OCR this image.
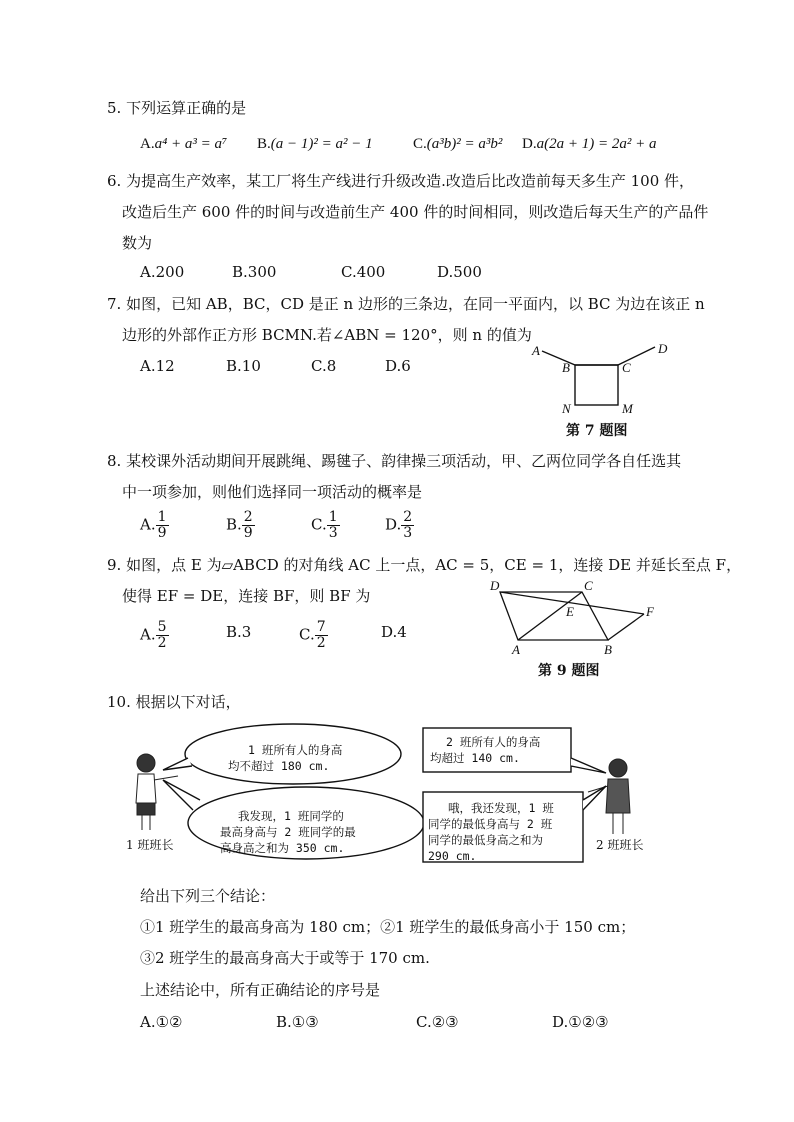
5. 下列运算正确的是
A.a⁴ + a³ = a⁷ B.(a − 1)² = a² − 1	C.(a³b)² = a³b² D.a(2a + 1) = 2a² + a
6. 为提高生产效率，某工厂将生产线进行升级改造.改造后比改造前每天多生产 100 件，
改造后生产 600 件的时间与改造前生产 400 件的时间相同，则改造后每天生产的产品件
数为
A.200	B.300	C.400	D.500
7. 如图，已知 AB，BC，CD 是正 n 边形的三条边，在同一平面内，以 BC 为边在该正 n
边形的外部作正方形 BCMN.若∠ABN = 120°，则 n 的值为
A.12	B.10	C.8	D.6
A
B	C
D
N	M
第 7 题图
8. 某校课外活动期间开展跳绳、踢毽子、韵律操三项活动，甲、乙两位同学各自任选其
中一项参加，则他们选择同一项活动的概率是
A. $\frac{1}{9}$	B. $\frac{2}{9}$	C. $\frac{1}{3}$	D. $\frac{2}{3}$
9. 如图，点 E 为▱ABCD 的对角线 AC 上一点，AC = 5，CE = 1，连接 DE 并延长至点 F，
使得 EF = DE，连接 BF，则 BF 为
A. $\frac{5}{2}$	B.3	C. $\frac{7}{2}$	D.4
D	C
E	F
A	B
第 9 题图
10. 根据以下对话，
1 班所有人的身高
均不超过 180 cm.
我发现，1 班同学的
最高身高与 2 班同学的最
高身高之和为 350 cm.
2 班所有人的身高
均超过 140 cm.
哦，我还发现，1 班
同学的最低身高与 2 班
同学的最低身高之和为
290 cm.
1 班班长	2 班班长
给出下列三个结论：
①1 班学生的最高身高为 180 cm；②1 班学生的最低身高小于 150 cm；
③2 班学生的最高身高大于或等于 170 cm.
上述结论中，所有正确结论的序号是
A.①②	B.①③	C.②③	D.①②③
